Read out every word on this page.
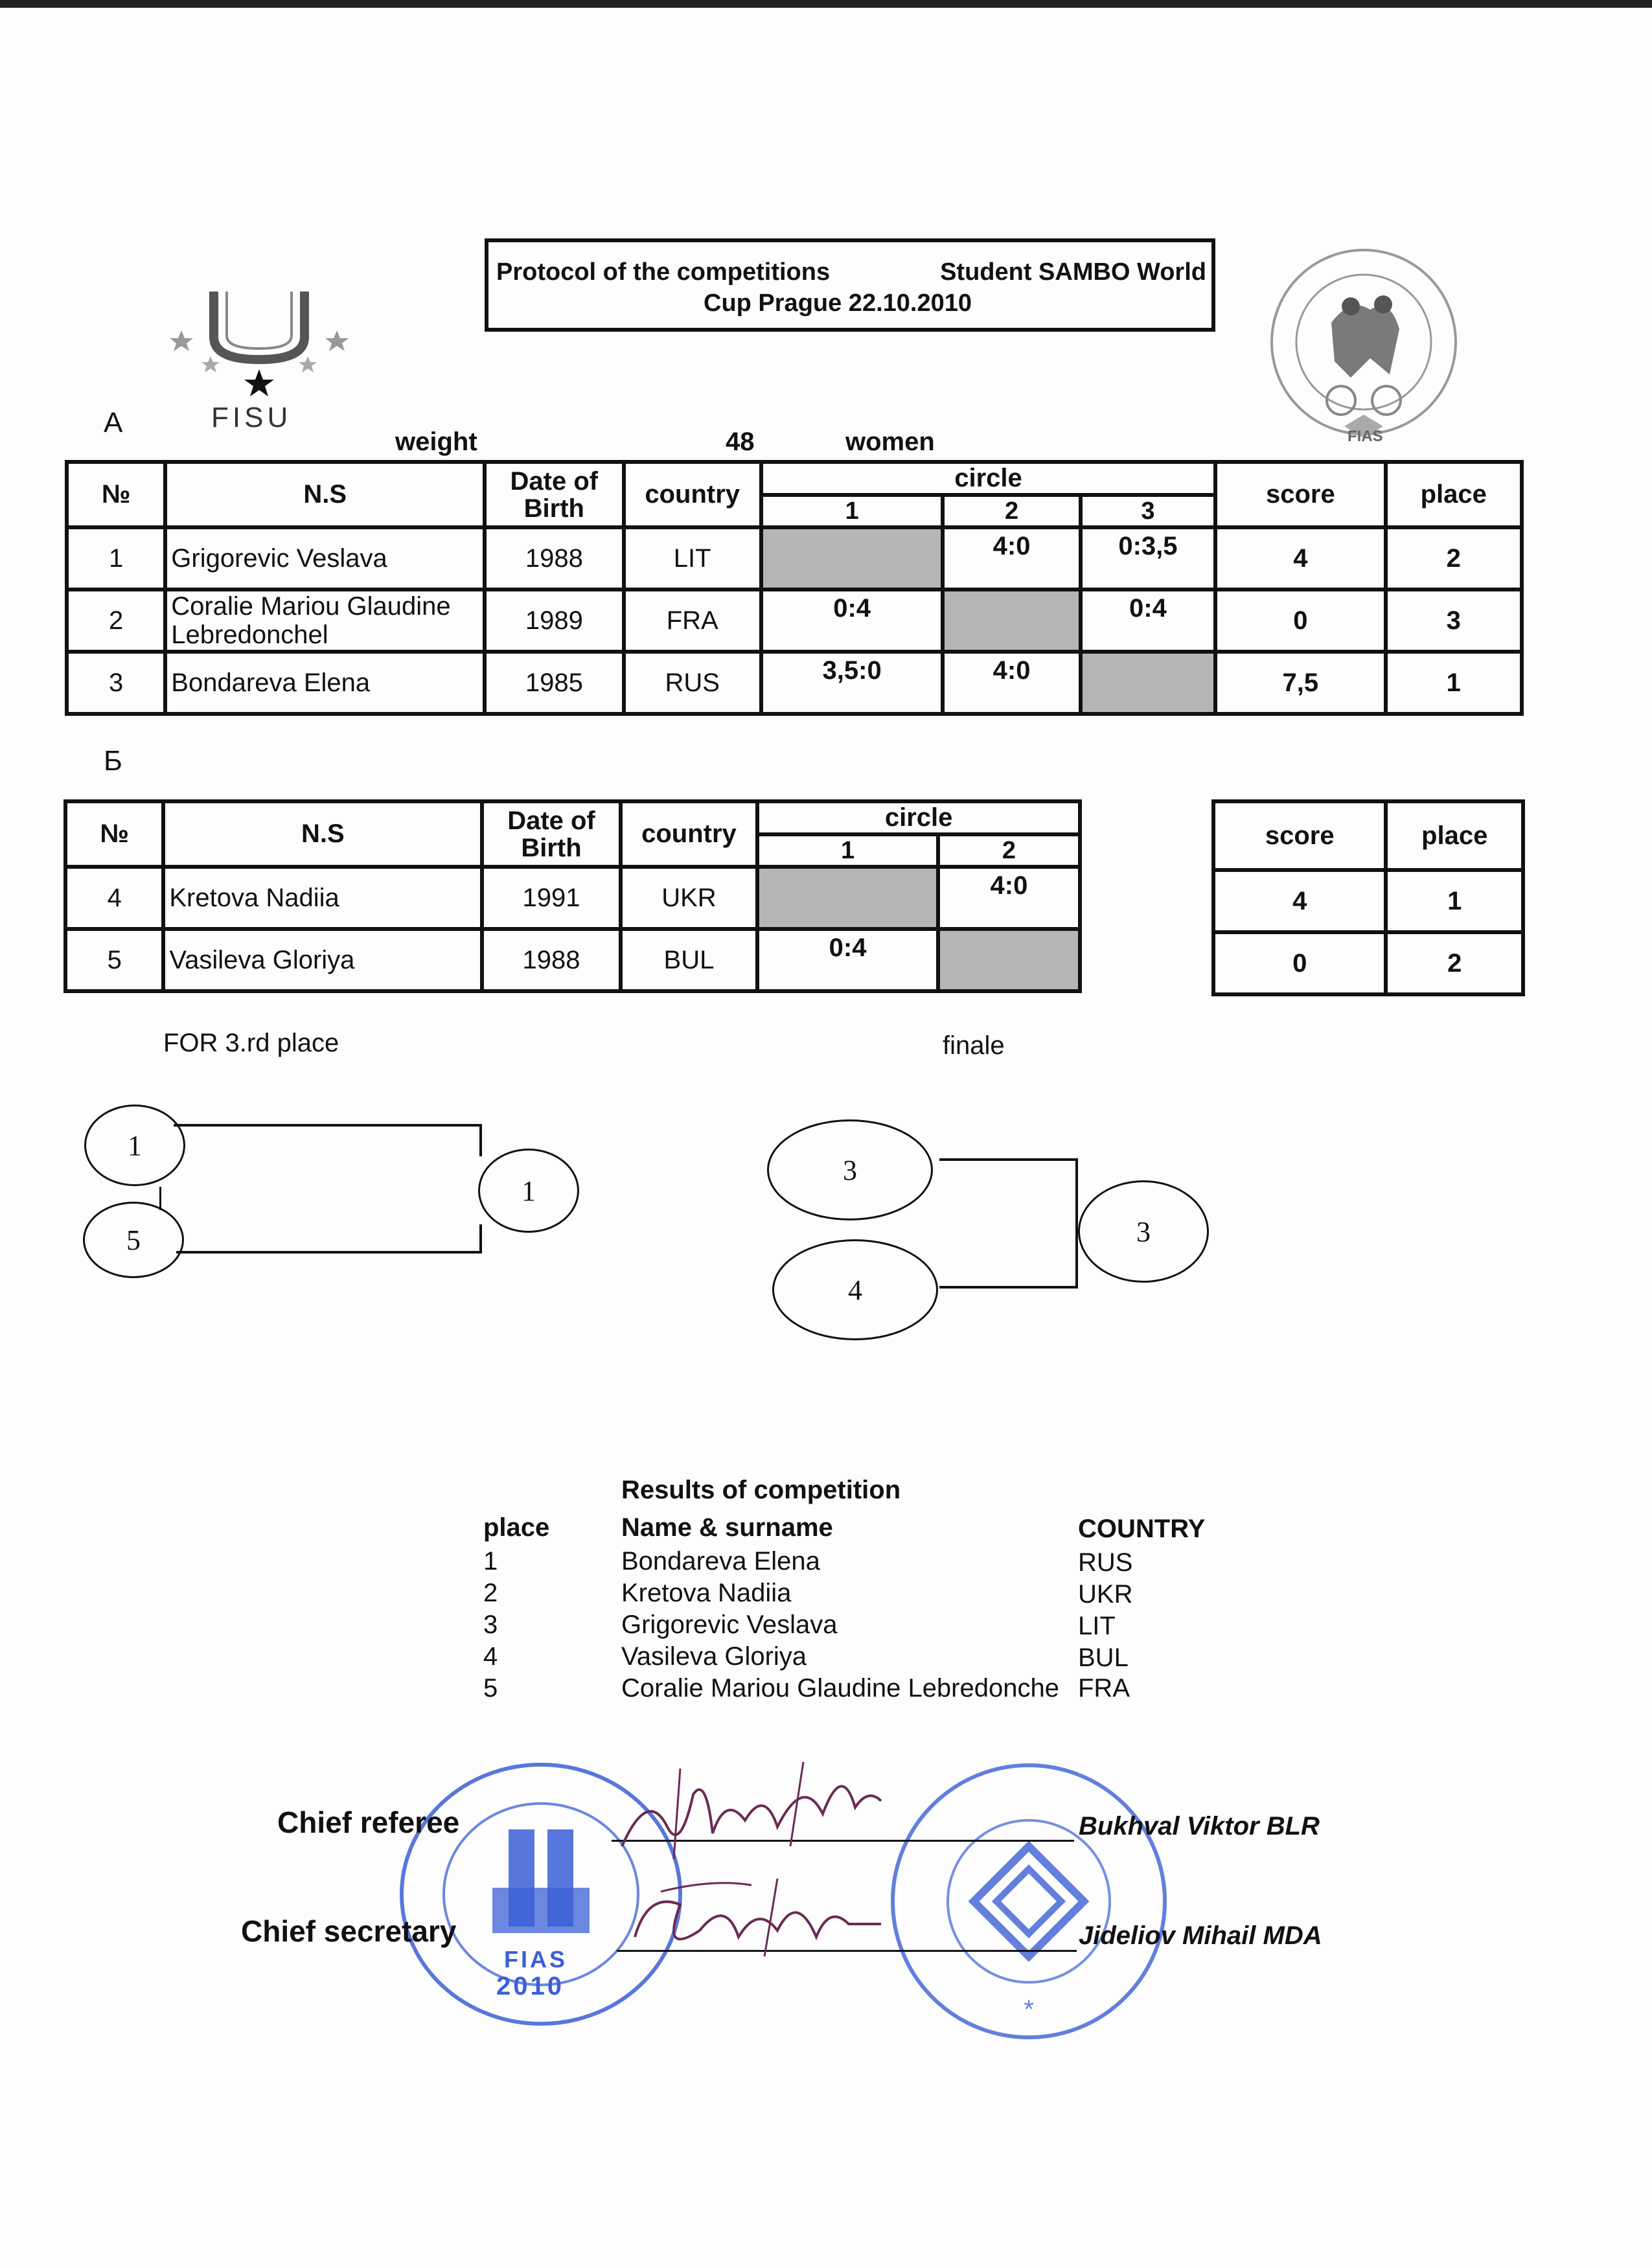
FISU
Protocol of the competitions	Student SAMBO World
Cup Prague 22.10.2010
FIAS
A
weight	48	women
№	N.S	Date of Birth	country	circle			score	place
				1	2	3		
1	Grigorevic Veslava	1988	LIT		4:0	0:3,5	4	2
2	Coralie Mariou Glaudine Lebredonchel	1989	FRA	0:4		0:4	0	3
3	Bondareva Elena	1985	RUS	3,5:0	4:0		7,5	1
Б
№	N.S	Date of Birth	country	circle	
				1	2
4	Kretova Nadiia	1991	UKR		4:0
5	Vasileva Gloriya	1988	BUL	0:4	
score	place
4	1
0	2
FOR 3.rd place	finale
1
5
1
3
4
3
Results of competition
place	Name & surname	COUNTRY
1	Bondareva Elena	RUS
2	Kretova Nadiia	UKR
3	Grigorevic Veslava	LIT
4	Vasileva Gloriya	BUL
5	Coralie Mariou Glaudine Lebredonche FRA
FIAS
2010
*
Chief referee	Bukhval Viktor BLR
Chief secretary	Jideliov Mihail MDA
